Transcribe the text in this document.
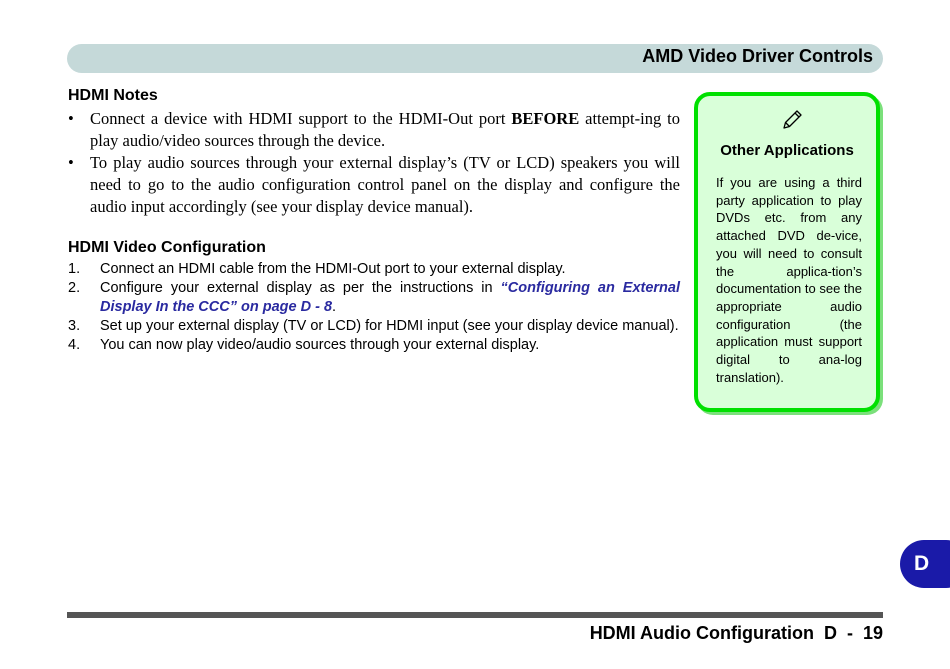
AMD Video Driver Controls
HDMI Notes
• Connect a device with HDMI support to the HDMI-Out port BEFORE attempt-ing to play audio/video sources through the device.
• To play audio sources through your external display’s (TV or LCD) speakers you will need to go to the audio configuration control panel on the display and configure the audio input accordingly (see your display device manual).
HDMI Video Configuration
1. Connect an HDMI cable from the HDMI-Out port to your external display.
2. Configure your external display as per the instructions in “Configuring an External Display In the CCC” on page D - 8.
3. Set up your external display (TV or LCD) for HDMI input (see your display device manual).
4. You can now play video/audio sources through your external display.
Other Applications
If you are using a third party application to play DVDs etc. from any attached DVD de-vice, you will need to consult the applica-tion’s documentation to see the appropriate audio configuration (the application must support digital to ana-log translation).
D
HDMI Audio Configuration  D  -  19
